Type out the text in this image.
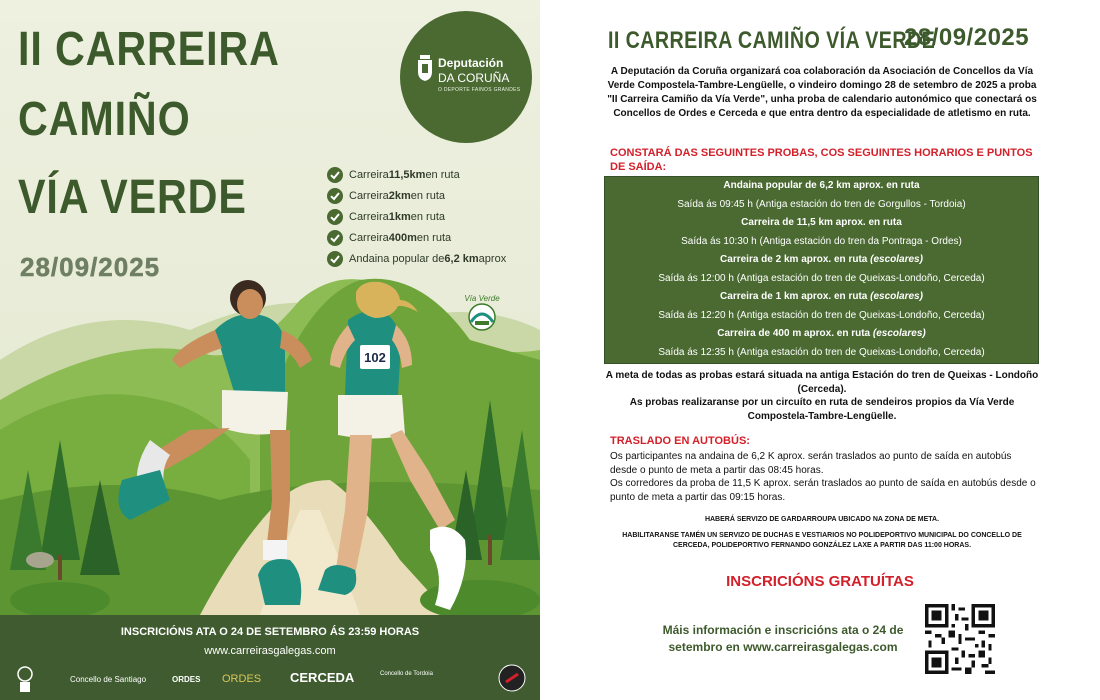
102
II CARREIRA
CAMIÑO
VÍA VERDE
28/09/2025
Deputación
DA CORUÑA
O DEPORTE FAINOS GRANDES
Carreira 11,5km en ruta
Carreira 2km en ruta
Carreira 1km en ruta
Carreira 400m en ruta
Andaina popular de 6,2 km aprox
Vía Verde
INSCRICIÓNS ATA O 24 DE SETEMBRO ÁS 23:59 HORAS
www.carreirasgalegas.com
Concello de Santiago	ORDES ORDES CERCEDA	Concello de Tordoia
II CARREIRA CAMIÑO VÍA VERDE
28/09/2025
A Deputación da Coruña organizará coa colaboración da Asociación de Concellos da Vía Verde Compostela-Tambre-Lengüelle, o vindeiro domingo 28 de setembro de 2025 a proba "II Carreira Camiño da Vía Verde", unha proba de calendario autonómico que conectará os Concellos de Ordes e Cerceda e que entra dentro da especialidade de atletismo en ruta.
CONSTARÁ DAS SEGUINTES PROBAS, COS SEGUINTES HORARIOS E PUNTOS DE SAÍDA:
Andaina popular de 6,2 km aprox. en ruta
Saída ás 09:45 h (Antiga estación do tren de Gorgullos - Tordoia)
Carreira de 11,5 km aprox. en ruta
Saída ás 10:30 h (Antiga estación do tren da Pontraga - Ordes)
Carreira de 2 km aprox. en ruta (escolares)
Saída ás 12:00 h (Antiga estación do tren de Queixas-Londoño, Cerceda)
Carreira de 1 km aprox. en ruta (escolares)
Saída ás 12:20 h (Antiga estación do tren de Queixas-Londoño, Cerceda)
Carreira de 400 m aprox. en ruta (escolares)
Saída ás 12:35 h (Antiga estación do tren de Queixas-Londoño, Cerceda)

A meta de todas as probas estará situada na antiga Estación do tren de Queixas - Londoño (Cerceda).

As probas realizaranse por un circuíto en ruta de sendeiros propios da Vía Verde Compostela-Tambre-Lengüelle.

TRASLADO EN AUTOBÚS:

Os participantes na andaina de 6,2 K aprox. serán traslados ao punto de saída en autobús desde o punto de meta a partir das 08:45 horas.

Os corredores da proba de 11,5 K aprox. serán traslados ao punto de saída en autobús desde o punto de meta a partir das 09:15 horas.

HABERÁ SERVIZO DE GARDARROUPA UBICADO NA ZONA DE META.
HABILITARANSE TAMÉN UN SERVIZO DE DUCHAS E VESTIARIOS NO POLIDEPORTIVO MUNICIPAL DO CONCELLO DE CERCEDA, POLIDEPORTIVO FERNANDO GONZÁLEZ LAXE A PARTIR DAS 11:00 HORAS.
INSCRICIÓNS GRATUÍTAS
Máis información e inscricións ata o 24 de setembro en www.carreirasgalegas.com
